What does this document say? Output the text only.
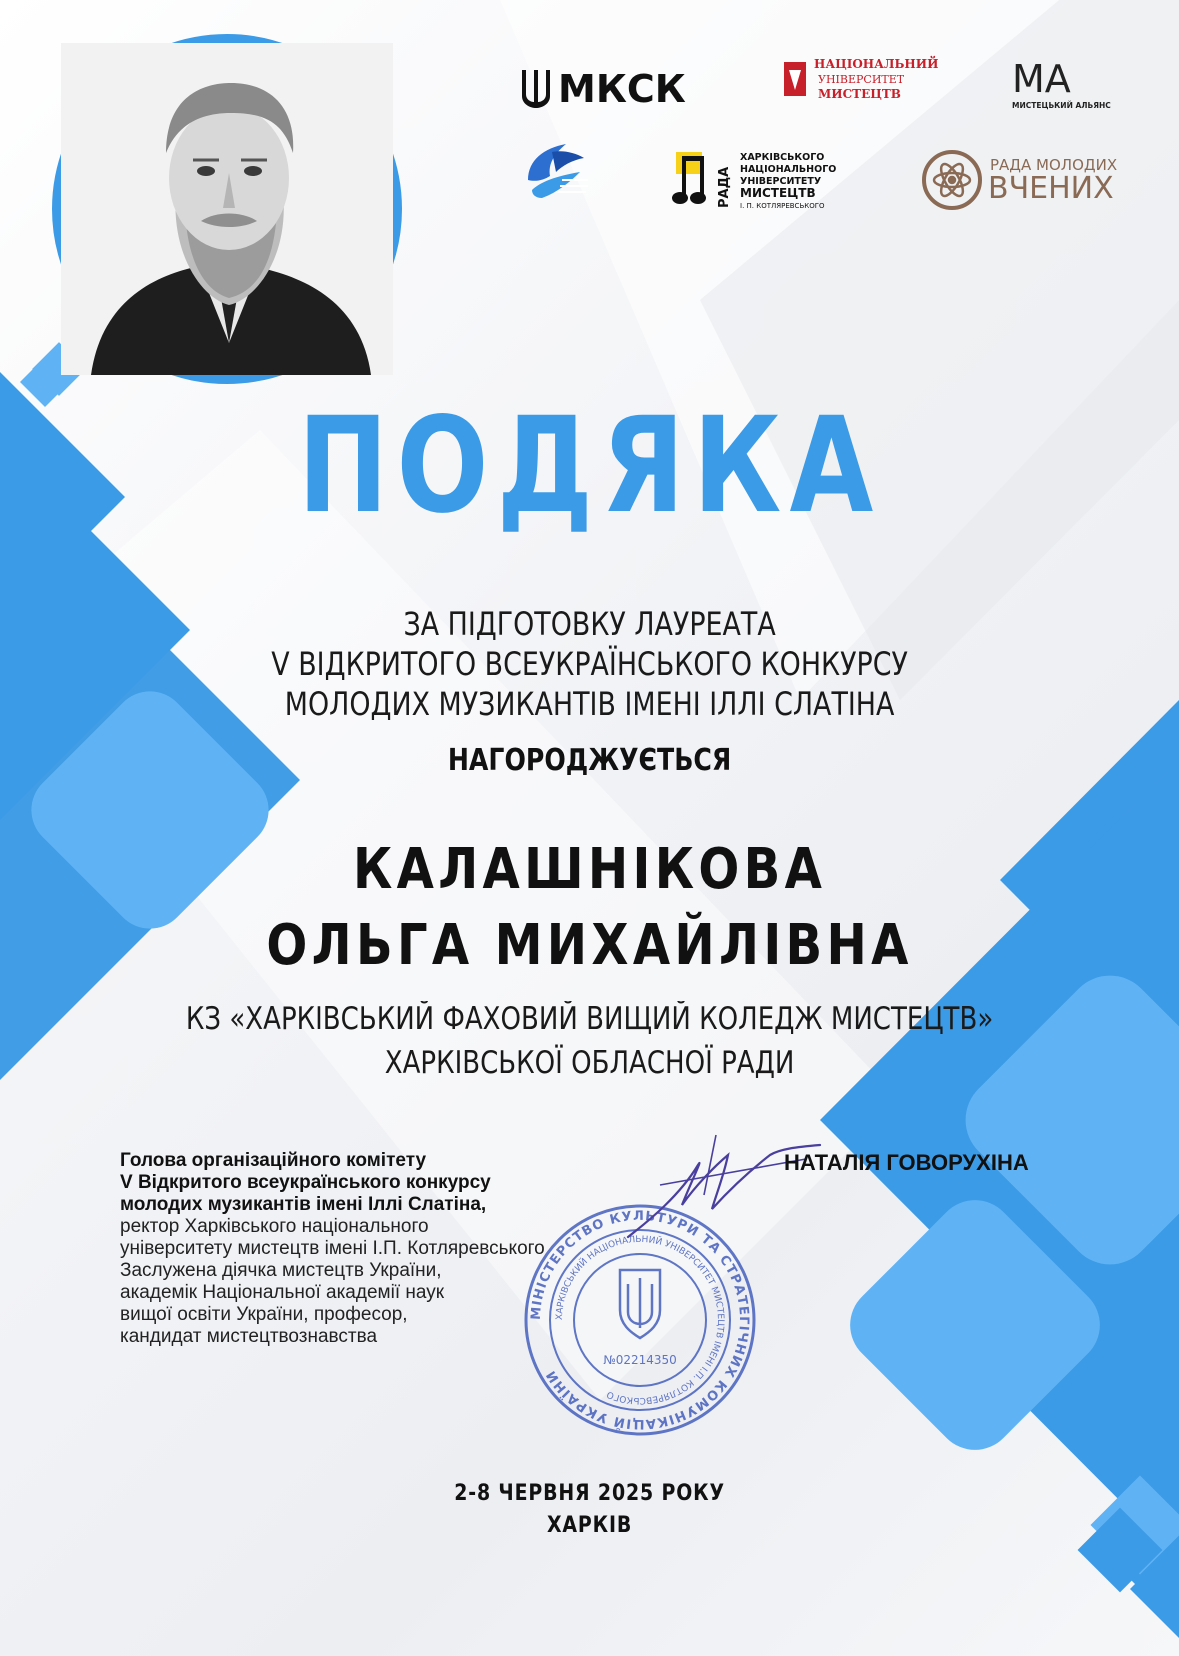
МКСК
НАЦІОНАЛЬНИЙ
УНІВЕРСИТЕТ
МИСТЕЦТВ	МА
МИСТЕЦЬКИЙ АЛЬЯНС
РАДА
ХАРКІВСЬКОГО
НАЦІОНАЛЬНОГО
УНІВЕРСИТЕТУ
МИСТЕЦТВ
І. П. КОТЛЯРЕВСЬКОГО
РАДА МОЛОДИХ
ВЧЕНИХ
ПОДЯКА
ЗА ПІДГОТОВКУ ЛАУРЕАТА
V ВІДКРИТОГО ВСЕУКРАЇНСЬКОГО КОНКУРСУ
МОЛОДИХ МУЗИКАНТІВ ІМЕНІ ІЛЛІ СЛАТІНА
НАГОРОДЖУЄТЬСЯ
КАЛАШНІКОВА
ОЛЬГА МИХАЙЛІВНА
КЗ «ХАРКІВСЬКИЙ ФАХОВИЙ ВИЩИЙ КОЛЕДЖ МИСТЕЦТВ»
ХАРКІВСЬКОЇ ОБЛАСНОЇ РАДИ
МІНІСТЕРСТВО КУЛЬТУРИ ТА СТРАТЕГІЧНИХ КОМУНІКАЦІЙ УКРАЇНИ
ХАРКІВСЬКИЙ НАЦІОНАЛЬНИЙ УНІВЕРСИТЕТ МИСТЕЦТВ ІМЕНІ І.П. КОТЛЯРЕВСЬКОГО
№02214350
Голова організаційного комітету
V Відкритого всеукраїнського конкурсу
молодих музикантів імені Іллі Слатіна,
ректор Харківського національного
університету мистецтв імені І.П. Котляревського
Заслужена діячка мистецтв України,
академік Національної академії наук
вищої освіти України, професор,
кандидат мистецтвознавства
НАТАЛІЯ ГОВОРУХІНА
2-8 ЧЕРВНЯ 2025 РОКУ
ХАРКІВ
